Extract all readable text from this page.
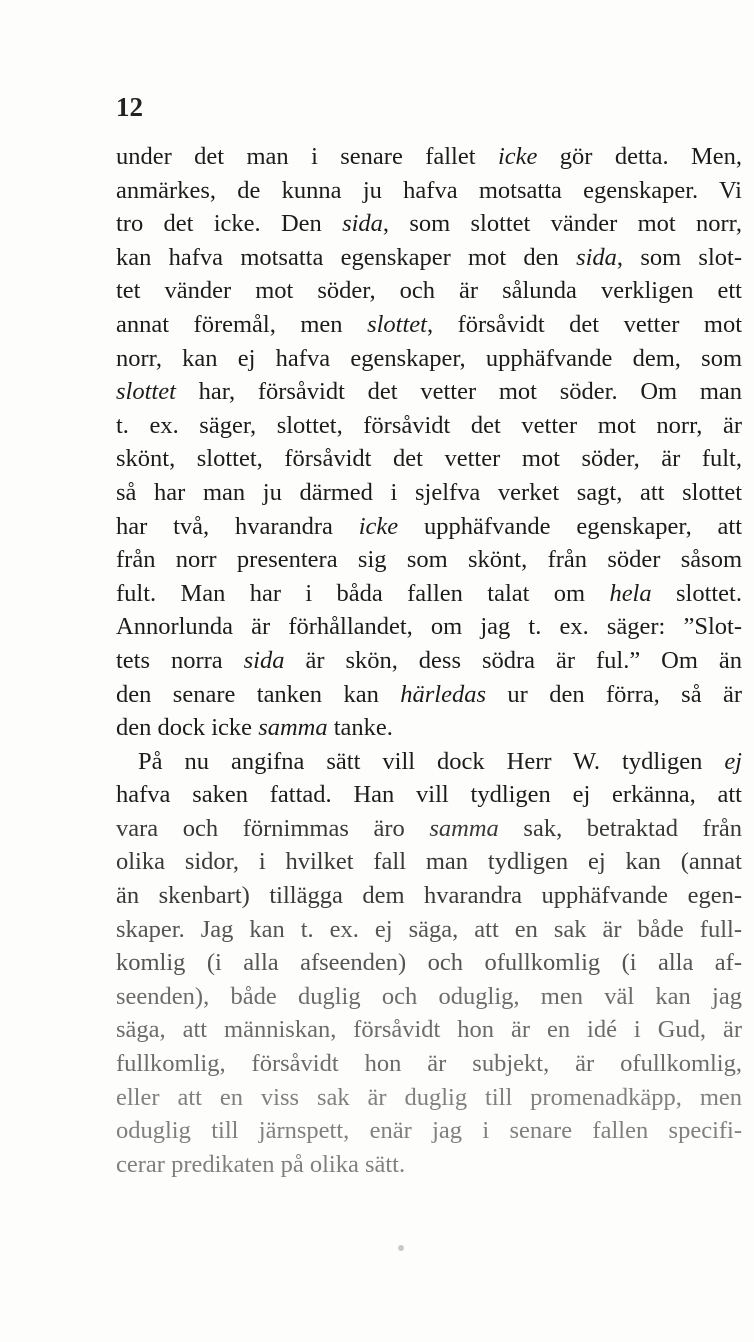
12
under det man i senare fallet icke gör detta. Men,
anmärkes, de kunna ju hafva motsatta egenskaper. Vi
tro det icke. Den sida, som slottet vänder mot norr,
kan hafva motsatta egenskaper mot den sida, som slot-
tet vänder mot söder, och är sålunda verkligen ett
annat föremål, men slottet, försåvidt det vetter mot
norr, kan ej hafva egenskaper, upphäfvande dem, som
slottet har, försåvidt det vetter mot söder. Om man
t. ex. säger, slottet, försåvidt det vetter mot norr, är
skönt, slottet, försåvidt det vetter mot söder, är fult,
så har man ju därmed i sjelfva verket sagt, att slottet
har två, hvarandra icke upphäfvande egenskaper, att
från norr presentera sig som skönt, från söder såsom
fult. Man har i båda fallen talat om hela slottet.
Annorlunda är förhållandet, om jag t. ex. säger: ”Slot-
tets norra sida är skön, dess södra är ful.” Om än
den senare tanken kan härledas ur den förra, så är
den dock icke samma tanke.
På nu angifna sätt vill dock Herr W. tydligen ej
hafva saken fattad. Han vill tydligen ej erkänna, att
vara och förnimmas äro samma sak, betraktad från
olika sidor, i hvilket fall man tydligen ej kan (annat
än skenbart) tillägga dem hvarandra upphäfvande egen-
skaper. Jag kan t. ex. ej säga, att en sak är både full-
komlig (i alla afseenden) och ofullkomlig (i alla af-
seenden), både duglig och oduglig, men väl kan jag
säga, att människan, försåvidt hon är en idé i Gud, är
fullkomlig, försåvidt hon är subjekt, är ofullkomlig,
eller att en viss sak är duglig till promenadkäpp, men
oduglig till järnspett, enär jag i senare fallen specifi-
cerar predikaten på olika sätt.
